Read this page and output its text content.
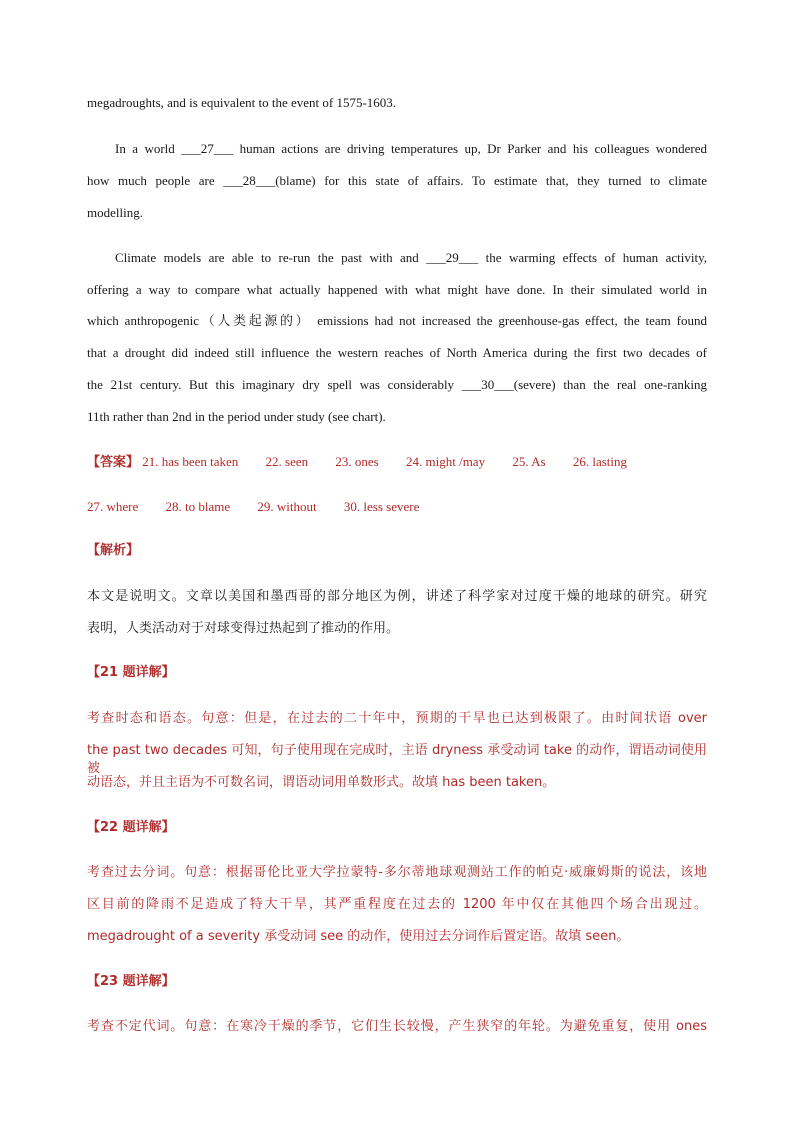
megadroughts, and is equivalent to the event of 1575-1603.
In a world ___27___ human actions are driving temperatures up, Dr Parker and his colleagues wondered
how much people are ___28___(blame) for this state of affairs. To estimate that, they turned to climate
modelling.
Climate models are able to re-run the past with and ___29___ the warming effects of human activity,
offering a way to compare what actually happened with what might have done. In their simulated world in
which anthropogenic（人类起源的） emissions had not increased the greenhouse-gas effect, the team found
that a drought did indeed still influence the western reaches of North America during the first two decades of
the 21st century. But this imaginary dry spell was considerably ___30___(severe) than the real one-ranking
11th rather than 2nd in the period under study (see chart).
【答案】 21. has been taken 22. seen 23. ones 24. might /may 25. As 26. lasting
27. where 28. to blame 29. without 30. less severe
【解析】
本文是说明文。文章以美国和墨西哥的部分地区为例，讲述了科学家对过度干燥的地球的研究。研究
表明，人类活动对于对球变得过热起到了推动的作用。
【21 题详解】
考查时态和语态。句意：但是，在过去的二十年中，预期的干旱也已达到极限了。由时间状语 over
the past two decades 可知，句子使用现在完成时，主语 dryness 承受动词 take 的动作，谓语动词使用被
动语态，并且主语为不可数名词，谓语动词用单数形式。故填 has been taken。
【22 题详解】
考查过去分词。句意：根据哥伦比亚大学拉蒙特-多尔蒂地球观测站工作的帕克·威廉姆斯的说法，该地
区目前的降雨不足造成了特大干旱，其严重程度在过去的 1200 年中仅在其他四个场合出现过。
megadrought of a severity 承受动词 see 的动作，使用过去分词作后置定语。故填 seen。
【23 题详解】
考查不定代词。句意：在寒冷干燥的季节，它们生长较慢，产生狭窄的年轮。为避免重复，使用 ones
